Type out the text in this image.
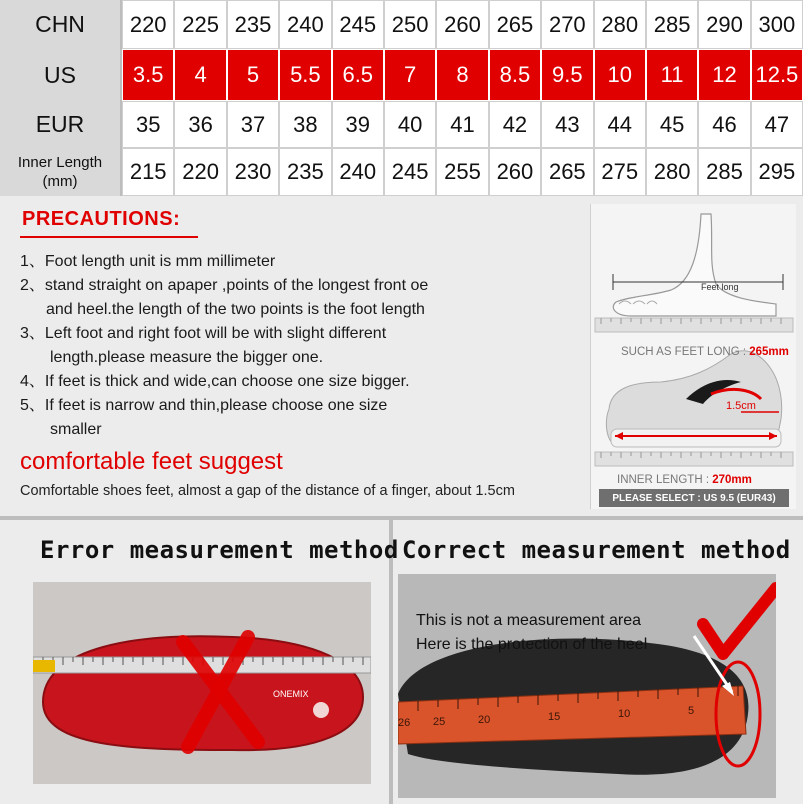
CHN	220 225 235 240 245 250 260 265 270 280 285 290 300
US	3.5	4	5	5.5 6.5	7	8	8.5 9.5	10	11	12 12.5
EUR	35	36	37	38	39	40	41	42	43	44	45	46	47
Inner Length
(mm)	215 220 230 235 240 245 255 260 265 275 280 285 295
PRECAUTIONS:
1、Foot length unit is mm millimeter
2、stand straight on apaper ,points of the longest front oe
and heel.the length of the two points is the foot length
3、Left foot and right foot will be with slight different
length.please measure the bigger one.
4、If feet is thick and wide,can choose one size bigger.
5、If feet is narrow and thin,please choose one size
smaller
comfortable feet suggest
Comfortable shoes feet, almost a gap of the distance of a finger, about 1.5cm
Feet long
SUCH AS FEET LONG : 265mm
1.5cm
INNER LENGTH : 270mm
PLEASE SELECT : US 9.5 (EUR43)
Error measurement method Correct measurement method
ONEMIX
26 25	20	15	10	5
This is not a measurement area
Here is the protection of the heel
